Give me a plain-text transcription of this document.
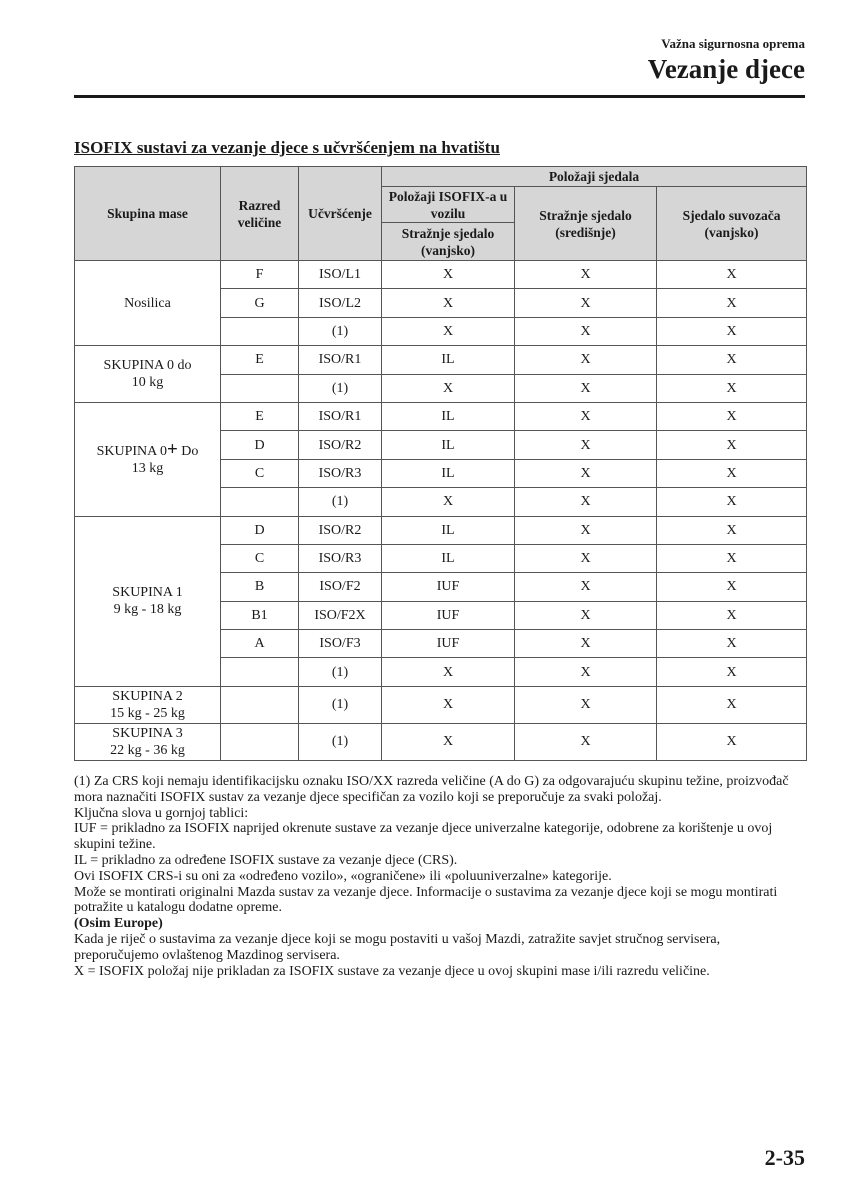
Važna sigurnosna oprema
Vezanje djece
ISOFIX sustavi za vezanje djece s učvršćenjem na hvatištu
Skupina mase	Razred veličine	Učvršćenje	Položaji sjedala		
			Položaji ISOFIX-a u vozilu	Stražnje sjedalo (središnje)	Sjedalo suvozača (vanjsko)
			Stražnje sjedalo (vanjsko)		
Nosilica	F	ISO/L1	X	X	X
	G	ISO/L2	X	X	X
		(1)	X	X	X
SKUPINA 0 do
10 kg	E	ISO/R1	IL	X	X
		(1)	X	X	X
SKUPINA 0+ Do
13 kg	E	ISO/R1	IL	X	X
	D	ISO/R2	IL	X	X
	C	ISO/R3	IL	X	X
		(1)	X	X	X
SKUPINA 1
9 kg - 18 kg	D	ISO/R2	IL	X	X
	C	ISO/R3	IL	X	X
	B	ISO/F2	IUF	X	X
	B1	ISO/F2X	IUF	X	X
	A	ISO/F3	IUF	X	X
		(1)	X	X	X
SKUPINA 2
15 kg - 25 kg		(1)	X	X	X
SKUPINA 3
22 kg - 36 kg		(1)	X	X	X

(1) Za CRS koji nemaju identifikacijsku oznaku ISO/XX razreda veličine (A do G) za odgovarajuću skupinu težine, proizvođač mora naznačiti ISOFIX sustav za vezanje djece specifičan za vozilo koji se preporučuje za svaki položaj.

Ključna slova u gornjoj tablici:

IUF = prikladno za ISOFIX naprijed okrenute sustave za vezanje djece univerzalne kategorije, odobrene za korištenje u ovoj skupini težine.

IL = prikladno za određene ISOFIX sustave za vezanje djece (CRS).

Ovi ISOFIX CRS-i su oni za «određeno vozilo», «ograničene» ili «poluuniverzalne» kategorije.

Može se montirati originalni Mazda sustav za vezanje djece. Informacije o sustavima za vezanje djece koji se mogu montirati potražite u katalogu dodatne opreme.

(Osim Europe)

Kada je riječ o sustavima za vezanje djece koji se mogu postaviti u vašoj Mazdi, zatražite savjet stručnog servisera, preporučujemo ovlaštenog Mazdinog servisera.

X = ISOFIX položaj nije prikladan za ISOFIX sustave za vezanje djece u ovoj skupini mase i/ili razredu veličine.

2-35
